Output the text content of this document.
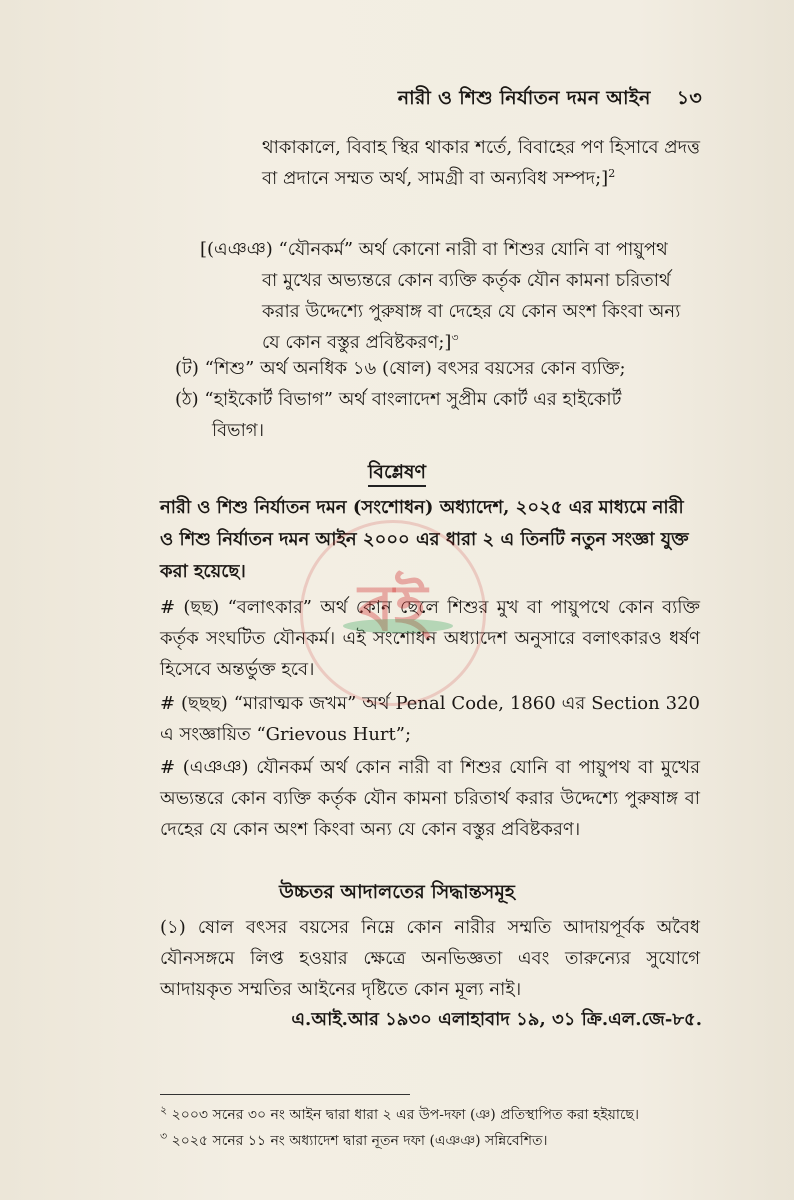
নারী ও শিশু নির্যাতন দমন আইন ১৩
থাকাকালে, বিবাহ স্থির থাকার শর্তে, বিবাহের পণ হিসাবে প্রদত্ত বা প্রদানে সম্মত অর্থ, সামগ্রী বা অন্যবিধ সম্পদ;]$^2$
[(এঞঞ) “যৌনকর্ম” অর্থ কোনো নারী বা শিশুর যোনি বা পায়ুপথ
বা মুখের অভ্যন্তরে কোন ব্যক্তি কর্তৃক যৌন কামনা চরিতার্থ করার উদ্দেশ্যে পুরুষাঙ্গ বা দেহের যে কোন অংশ কিংবা অন্য যে কোন বস্তুর প্রবিষ্টকরণ;]$^৩$
(ট) “শিশু” অর্থ অনধিক ১৬ (ষোল) বৎসর বয়সের কোন ব্যক্তি;
(ঠ) “হাইকোর্ট বিভাগ” অর্থ বাংলাদেশ সুপ্রীম কোর্ট এর হাইকোর্ট
বিভাগ।
বিশ্লেষণ
নারী ও শিশু নির্যাতন দমন (সংশোধন) অধ্যাদেশ, ২০২৫ এর মাধ্যমে নারী ও শিশু নির্যাতন দমন আইন ২০০০ এর ধারা ২ এ তিনটি নতুন সংজ্ঞা যুক্ত করা হয়েছে।
# (ছছ) “বলাৎকার” অর্থ কোন ছেলে শিশুর মুখ বা পায়ুপথে কোন ব্যক্তি কর্তৃক সংঘটিত যৌনকর্ম। এই সংশোধন অধ্যাদেশ অনুসারে বলাৎকারও ধর্ষণ হিসেবে অন্তর্ভুক্ত হবে।
# (ছছছ) “মারাত্মক জখম” অর্থ Penal Code, 1860 এর Section 320 এ সংজ্ঞায়িত “Grievous Hurt”;
# (এঞঞ) যৌনকর্ম অর্থ কোন নারী বা শিশুর যোনি বা পায়ুপথ বা মুখের অভ্যন্তরে কোন ব্যক্তি কর্তৃক যৌন কামনা চরিতার্থ করার উদ্দেশ্যে পুরুষাঙ্গ বা দেহের যে কোন অংশ কিংবা অন্য যে কোন বস্তুর প্রবিষ্টকরণ।
উচ্চতর আদালতের সিদ্ধান্তসমূহ
(১) ষোল বৎসর বয়সের নিম্নে কোন নারীর সম্মতি আদায়পূর্বক অবৈধ যৌনসঙ্গমে লিপ্ত হওয়ার ক্ষেত্রে অনভিজ্ঞতা এবং তারুন্যের সুযোগে আদায়কৃত সম্মতির আইনের দৃষ্টিতে কোন মূল্য নাই।
এ.আই.আর ১৯৩০ এলাহাবাদ ১৯, ৩১ ক্রি.এল.জে-৮৫.
$^২$ ২০০৩ সনের ৩০ নং আইন দ্বারা ধারা ২ এর উপ-দফা (ঞ) প্রতিস্থাপিত করা হইয়াছে।
$^৩$ ২০২৫ সনের ১১ নং অধ্যাদেশ দ্বারা নূতন দফা (এঞঞ) সন্নিবেশিত।
বই
